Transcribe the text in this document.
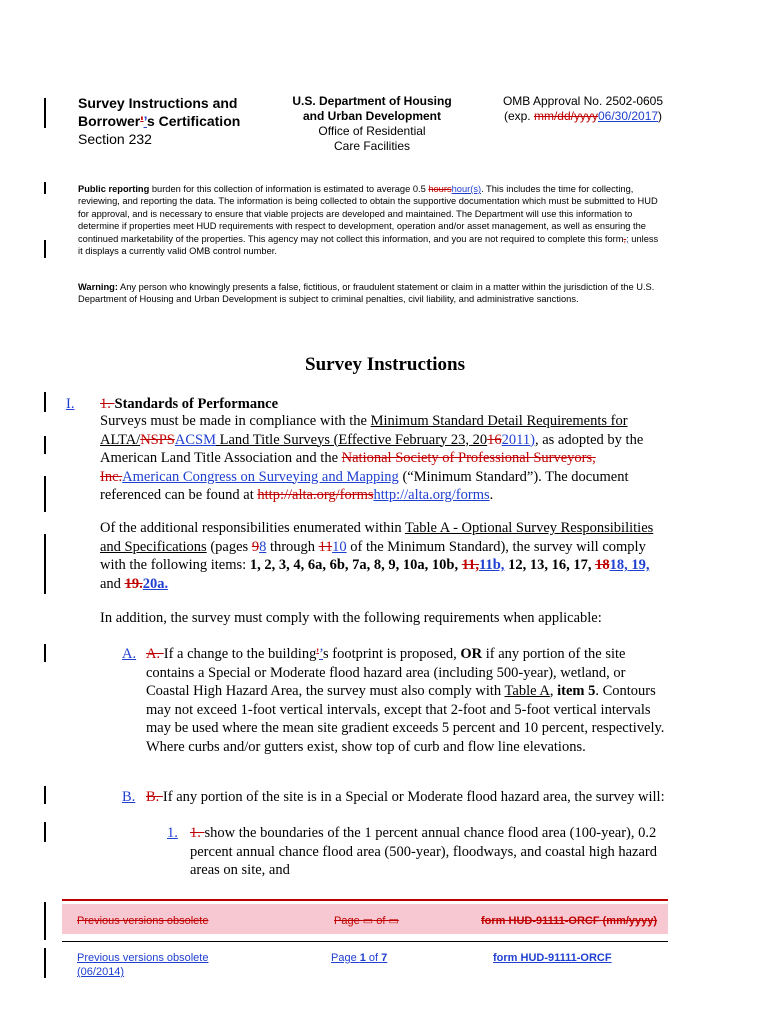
Survey Instructions and
Borrower'’s Certification
Section 232
U.S. Department of Housing
and Urban Development
Office of Residential
Care Facilities
OMB Approval No. 2502-0605
(exp. mm/dd/yyyy06/30/2017)
Public reporting burden for this collection of information is estimated to average 0.5 hourshour(s). This includes the time for collecting, reviewing, and reporting the data. The information is being collected to obtain the supportive documentation which must be submitted to HUD for approval, and is necessary to ensure that viable projects are developed and maintained. The Department will use this information to determine if properties meet HUD requirements with respect to development, operation and/or asset management, as well as ensuring the continued marketability of the properties. This agency may not collect this information, and you are not required to complete this form,; unless it displays a currently valid OMB control number.
Warning: Any person who knowingly presents a false, fictitious, or fraudulent statement or claim in a matter within the jurisdiction of the U.S. Department of Housing and Urban Development is subject to criminal penalties, civil liability, and administrative sanctions.
Survey Instructions
I. 1. Standards of Performance
Surveys must be made in compliance with the Minimum Standard Detail Requirements for ALTA/NSPSACSM Land Title Surveys (Effective February 23, 20162011), as adopted by the American Land Title Association and the National Society of Professional Surveyors, Inc.American Congress on Surveying and Mapping (“Minimum Standard”). The document referenced can be found at http://alta.org/formshttp://alta.org/forms.
Of the additional responsibilities enumerated within Table A - Optional Survey Responsibilities and Specifications (pages 98 through 1110 of the Minimum Standard), the survey will comply with the following items: 1, 2, 3, 4, 6a, 6b, 7a, 8, 9, 10a, 10b, 11,11b, 12, 13, 16, 17, 1818, 19, and 19.20a.
In addition, the survey must comply with the following requirements when applicable:
A. A. If a change to the building'’s footprint is proposed, OR if any portion of the site contains a Special or Moderate flood hazard area (including 500-year), wetland, or Coastal High Hazard Area, the survey must also comply with Table A, item 5. Contours may not exceed 1-foot vertical intervals, except that 2-foot and 5-foot vertical intervals may be used where the mean site gradient exceeds 5 percent and 10 percent, respectively. Where curbs and/or gutters exist, show top of curb and flow line elevations.
B. B. If any portion of the site is in a Special or Moderate flood hazard area, the survey will:
1. 1. show the boundaries of the 1 percent annual chance flood area (100-year), 0.2 percent annual chance flood area (500-year), floodways, and coastal high hazard areas on site, and
Previous versions obsolete	Page ▭ of ▭	form HUD-91111-ORCF (mm/yyyy)
Previous versions obsolete
(06/2014)
Page 1 of 7	form HUD-91111-ORCF
